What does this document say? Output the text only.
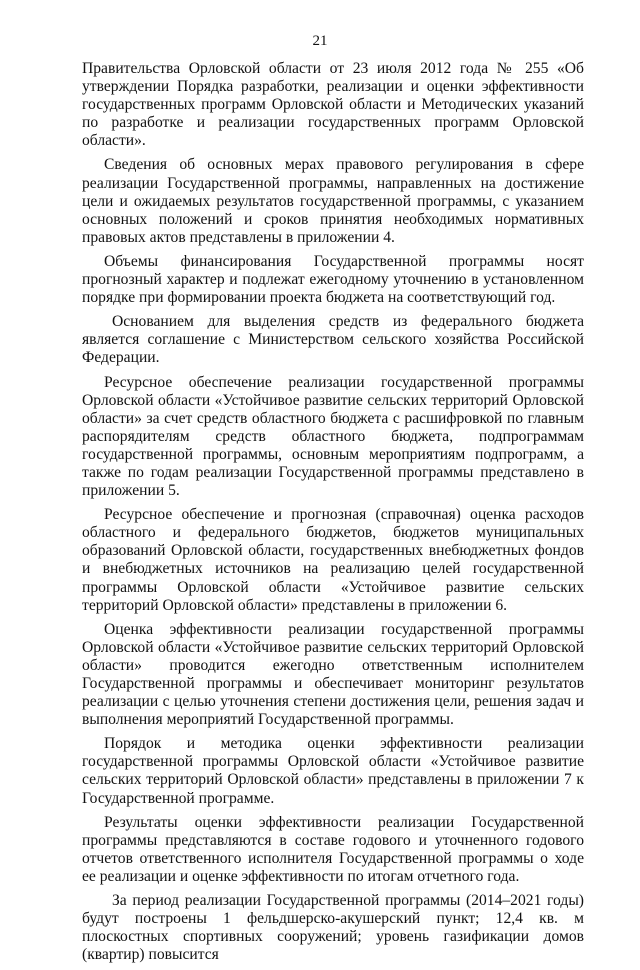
21

Правительства Орловской области от 23 июля 2012 года № 255 «Об утверждении Порядка разработки, реализации и оценки эффективности государственных программ Орловской области и Методических указаний по разработке и реализации государственных программ Орловской области».

Сведения об основных мерах правового регулирования в сфере реализации Государственной программы, направленных на достижение цели и ожидаемых результатов государственной программы, с указанием основных положений и сроков принятия необходимых нормативных правовых актов представлены в приложении 4.

Объемы финансирования Государственной программы носят прогнозный характер и подлежат ежегодному уточнению в установленном порядке при формировании проекта бюджета на соответствующий год.

Основанием для выделения средств из федерального бюджета является соглашение с Министерством сельского хозяйства Российской Федерации.

Ресурсное обеспечение реализации государственной программы Орловской области «Устойчивое развитие сельских территорий Орловской области» за счет средств областного бюджета с расшифровкой по главным распорядителям средств областного бюджета, подпрограммам государственной программы, основным мероприятиям подпрограмм, а также по годам реализации Государственной программы представлено в приложении 5.

Ресурсное обеспечение и прогнозная (справочная) оценка расходов областного и федерального бюджетов, бюджетов муниципальных образований Орловской области, государственных внебюджетных фондов и внебюджетных источников на реализацию целей государственной программы Орловской области «Устойчивое развитие сельских территорий Орловской области» представлены в приложении 6.

Оценка эффективности реализации государственной программы Орловской области «Устойчивое развитие сельских территорий Орловской области» проводится ежегодно ответственным исполнителем Государственной программы и обеспечивает мониторинг результатов реализации с целью уточнения степени достижения цели, решения задач и выполнения мероприятий Государственной программы.

Порядок и методика оценки эффективности реализации государственной программы Орловской области «Устойчивое развитие сельских территорий Орловской области» представлены в приложении 7 к Государственной программе.

Результаты оценки эффективности реализации Государственной программы представляются в составе годового и уточненного годового отчетов ответственного исполнителя Государственной программы о ходе ее реализации и оценке эффективности по итогам отчетного года.

За период реализации Государственной программы (2014–2021 годы) будут построены 1 фельдшерско-акушерский пункт; 12,4 кв. м плоскостных спортивных сооружений; уровень газификации домов (квартир) повысится
